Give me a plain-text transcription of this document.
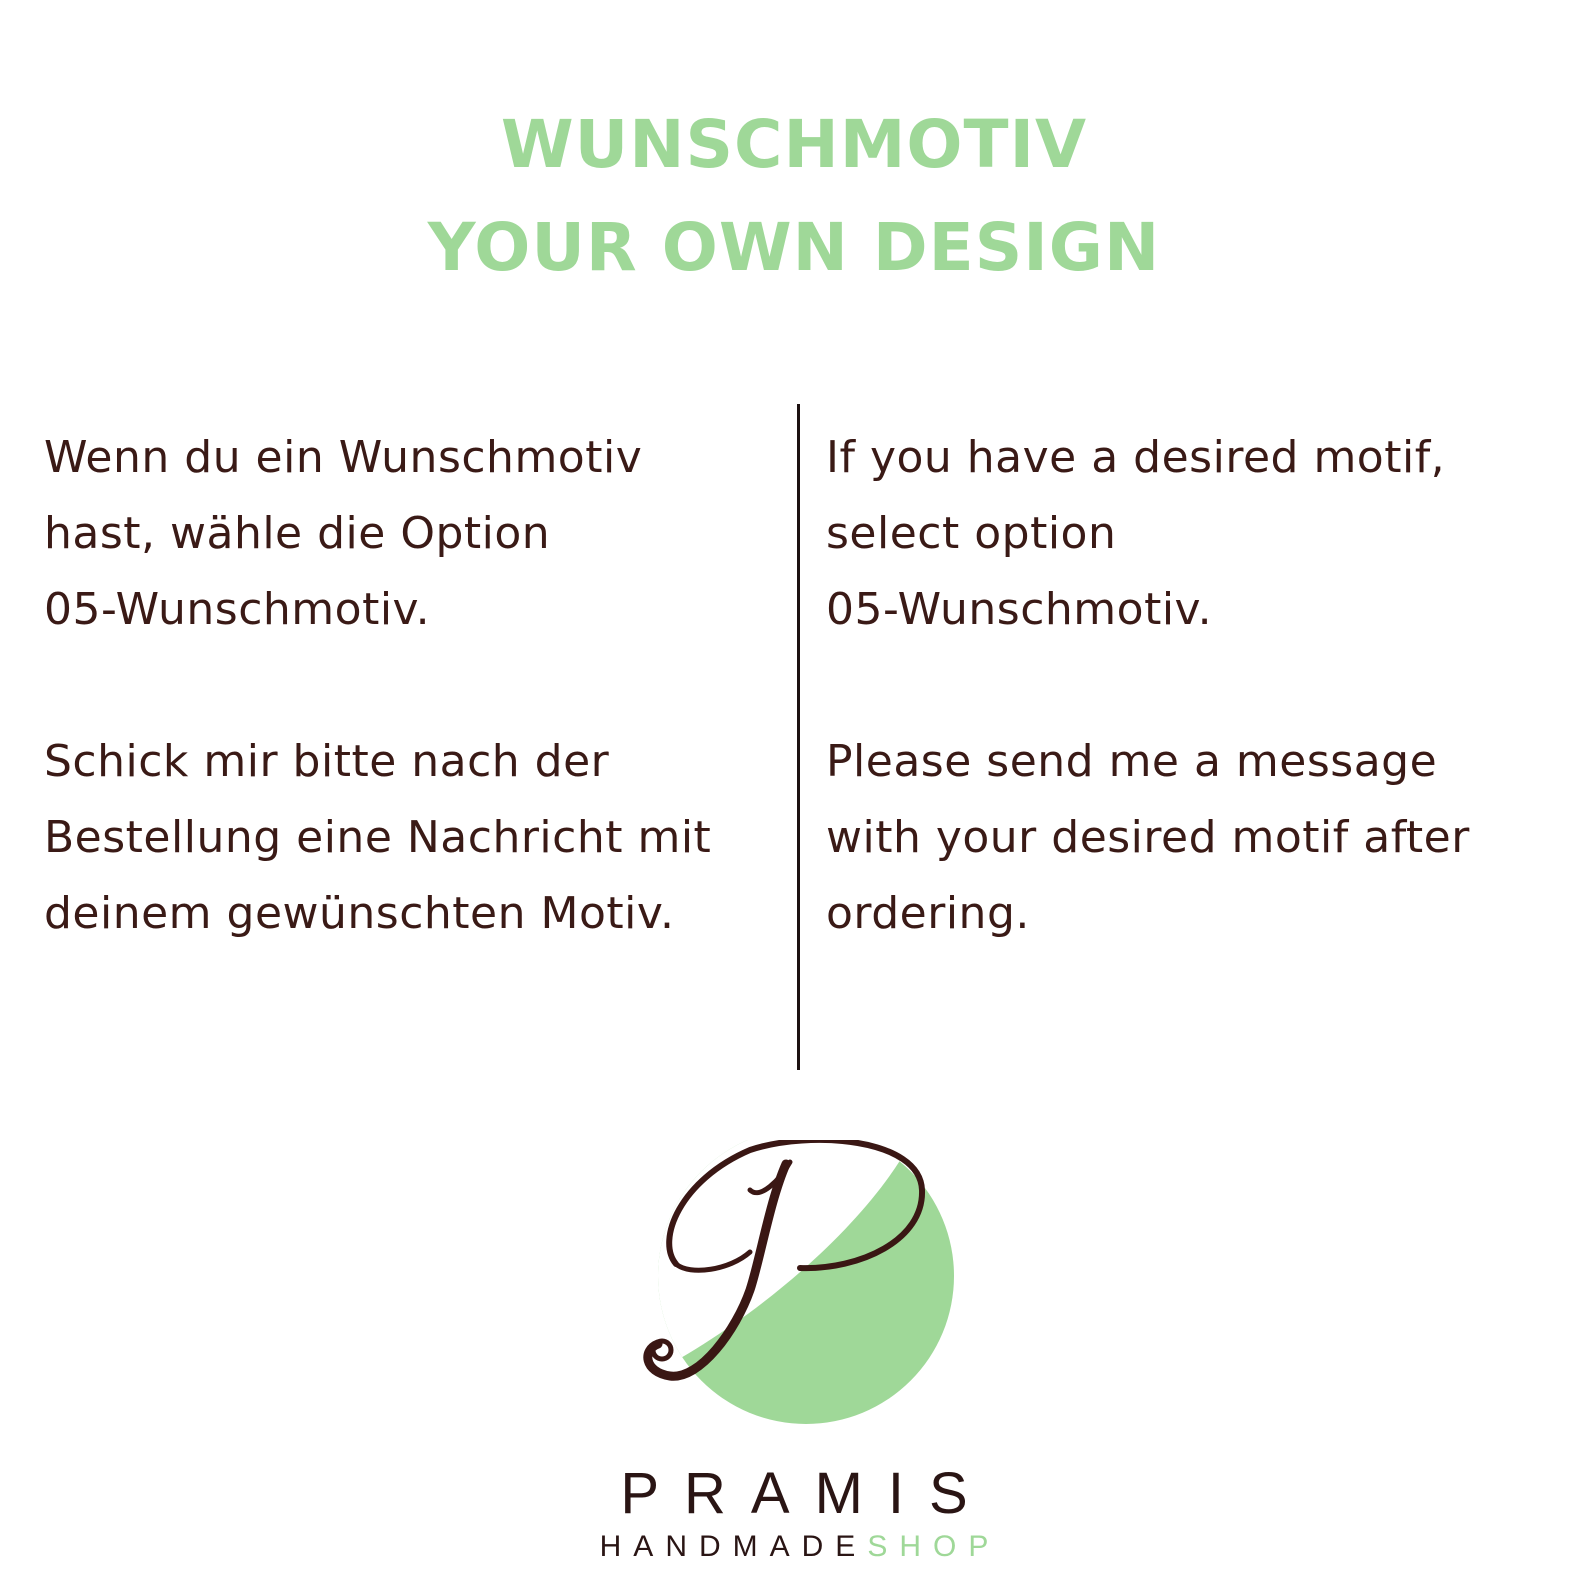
WUNSCHMOTIV
YOUR OWN DESIGN

Wenn du ein Wunschmotiv
hast, wähle die Option
05-Wunschmotiv.

Schick mir bitte nach der
Bestellung eine Nachricht mit
deinem gewünschten Motiv.

If you have a desired motif,
select option
05-Wunschmotiv.

Please send me a message
with your desired motif after
ordering.

PRAMIS
HANDMADESHOP
